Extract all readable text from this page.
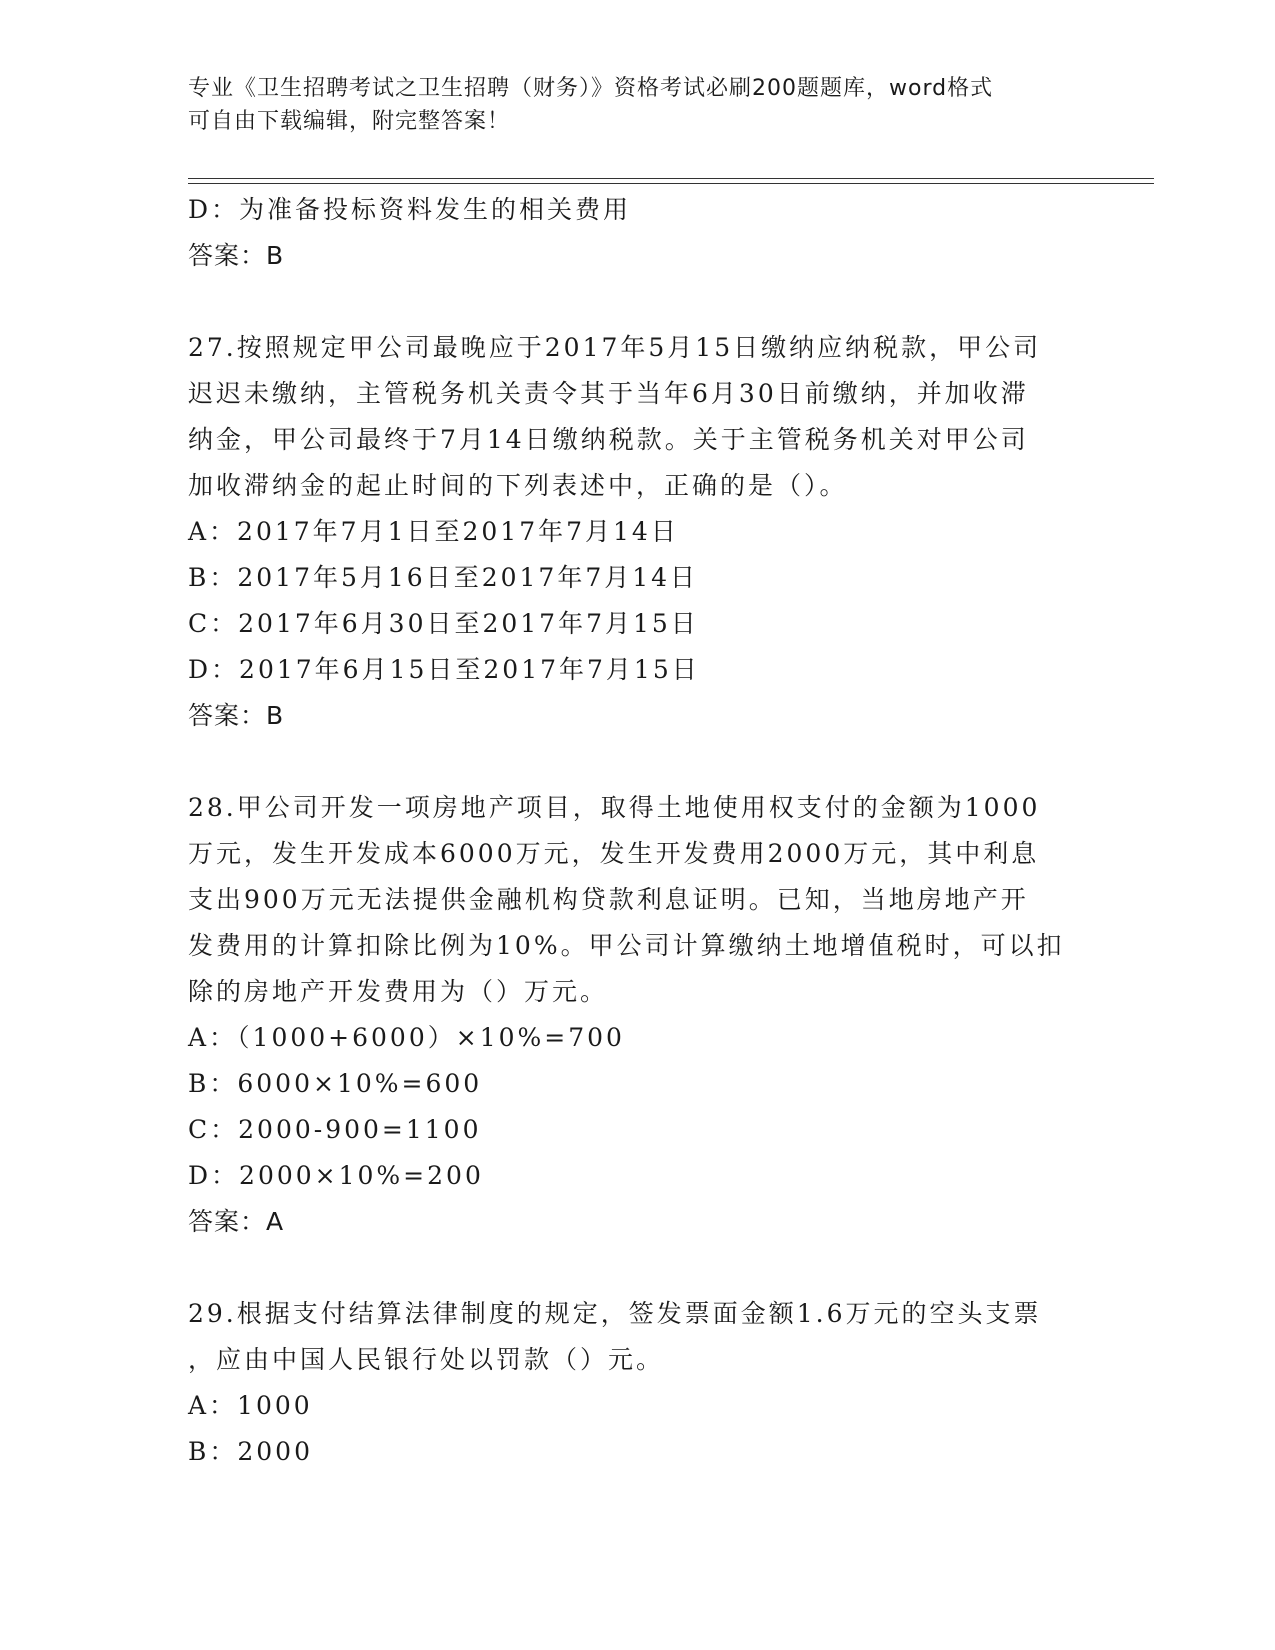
专业《卫生招聘考试之卫生招聘（财务）》资格考试必刷200题题库，word格式
可自由下载编辑，附完整答案！
D：为准备投标资料发生的相关费用
答案：B
27.按照规定甲公司最晚应于2017年5月15日缴纳应纳税款，甲公司
迟迟未缴纳，主管税务机关责令其于当年6月30日前缴纳，并加收滞
纳金，甲公司最终于7月14日缴纳税款。关于主管税务机关对甲公司
加收滞纳金的起止时间的下列表述中，正确的是（）。
A：2017年7月1日至2017年7月14日
B：2017年5月16日至2017年7月14日
C：2017年6月30日至2017年7月15日
D：2017年6月15日至2017年7月15日
答案：B
28.甲公司开发一项房地产项目，取得土地使用权支付的金额为1000
万元，发生开发成本6000万元，发生开发费用2000万元，其中利息
支出900万元无法提供金融机构贷款利息证明。已知，当地房地产开
发费用的计算扣除比例为10%。甲公司计算缴纳土地增值税时，可以扣
除的房地产开发费用为（）万元。
A：（1000+6000）×10%=700
B：6000×10%=600
C：2000-900=1100
D：2000×10%=200
答案：A
29.根据支付结算法律制度的规定，签发票面金额1.6万元的空头支票
，应由中国人民银行处以罚款（）元。
A：1000
B：2000
